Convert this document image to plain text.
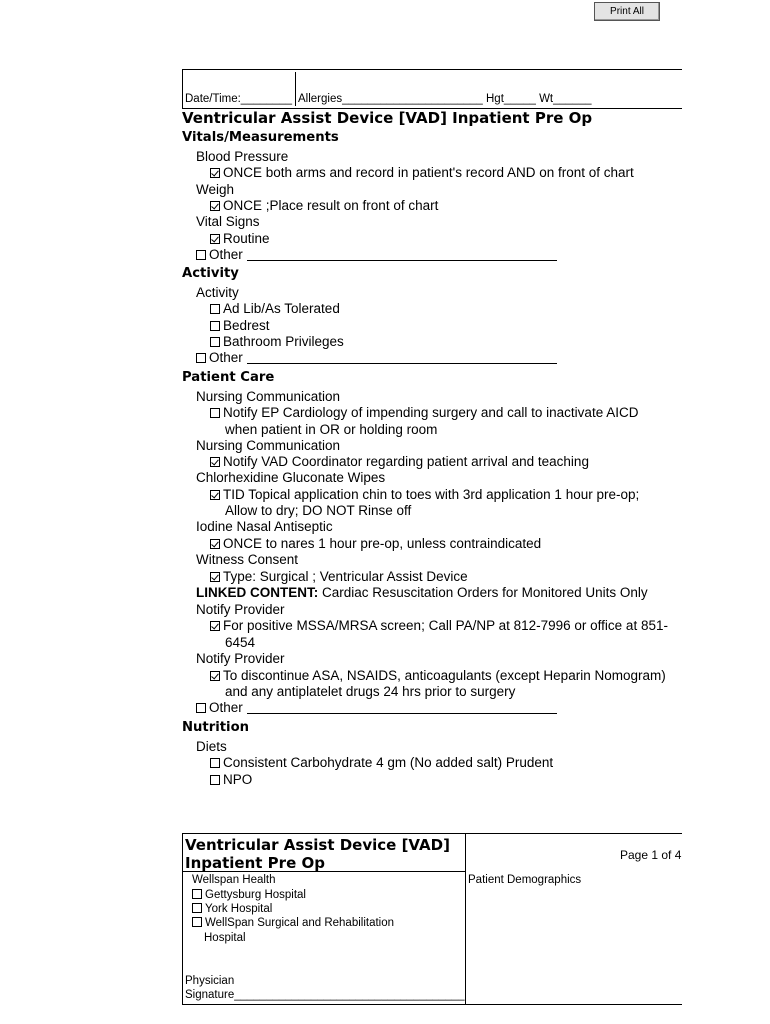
Print All
Date/Time:________ Allergies______________________ Hgt_____ Wt______
Ventricular Assist Device [VAD] Inpatient Pre Op
Vitals/Measurements
Blood Pressure
ONCE both arms and record in patient's record AND on front of chart
Weigh
ONCE ;Place result on front of chart
Vital Signs
Routine
Other
Activity
Activity
Ad Lib/As Tolerated
Bedrest
Bathroom Privileges
Other
Patient Care
Nursing Communication
Notify EP Cardiology of impending surgery and call to inactivate AICD
when patient in OR or holding room
Nursing Communication
Notify VAD Coordinator regarding patient arrival and teaching
Chlorhexidine Gluconate Wipes
TID Topical application chin to toes with 3rd application 1 hour pre-op;
Allow to dry; DO NOT Rinse off
Iodine Nasal Antiseptic
ONCE to nares 1 hour pre-op, unless contraindicated
Witness Consent
Type: Surgical ; Ventricular Assist Device
LINKED CONTENT: Cardiac Resuscitation Orders for Monitored Units Only
Notify Provider
For positive MSSA/MRSA screen; Call PA/NP at 812-7996 or office at 851-
6454
Notify Provider
To discontinue ASA, NSAIDS, anticoagulants (except Heparin Nomogram)
and any antiplatelet drugs 24 hrs prior to surgery
Other
Nutrition
Diets
Consistent Carbohydrate 4 gm (No added salt) Prudent
NPO
Ventricular Assist Device [VAD]
Inpatient Pre Op	Page 1 of 4
Wellspan Health
Gettysburg Hospital
York Hospital
WellSpan Surgical and Rehabilitation
Hospital
Patient Demographics
Physician
Signature____________________________________
